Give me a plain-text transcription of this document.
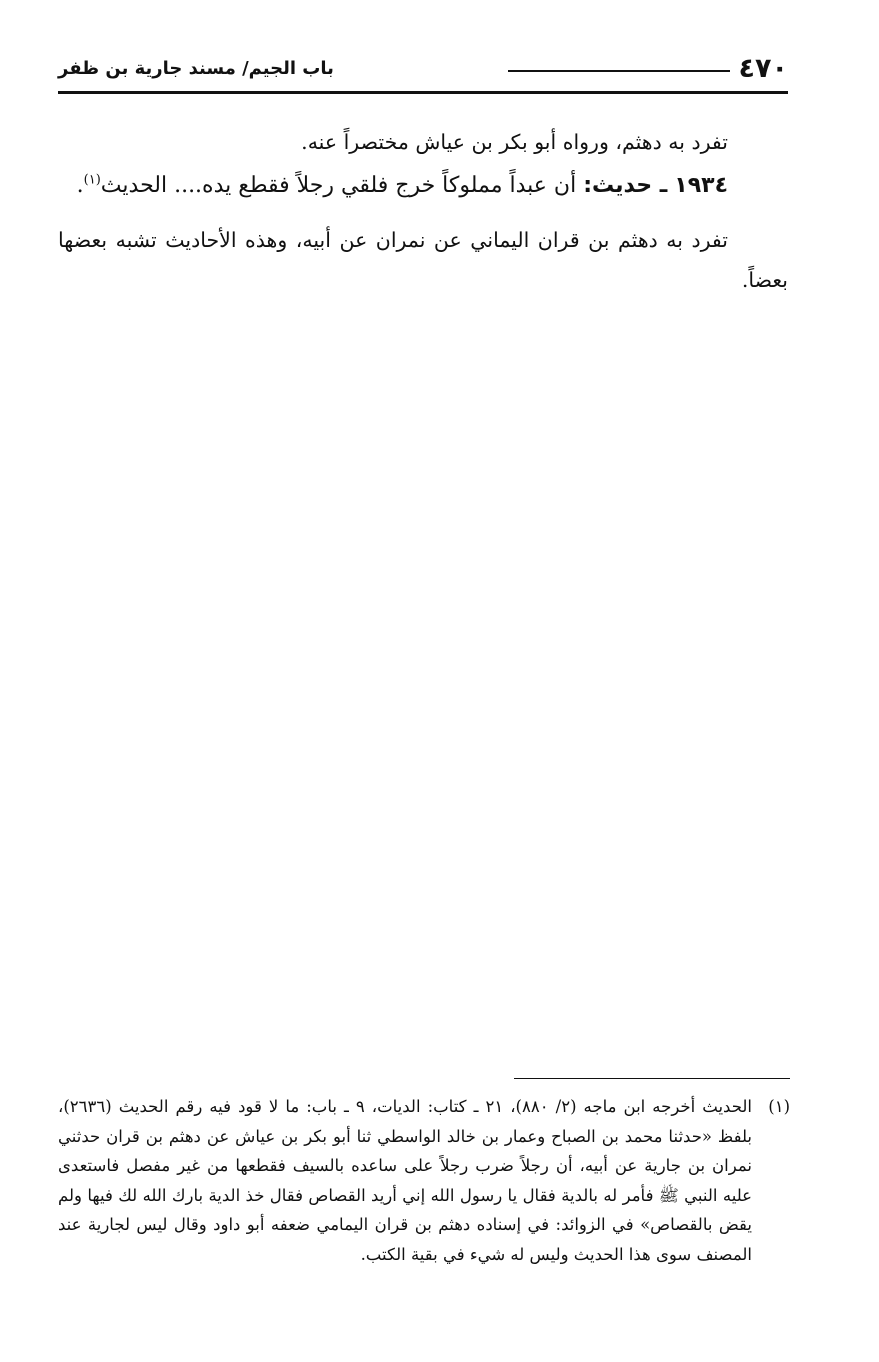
٤٧٠
باب الجيم/ مسند جارية بن ظفر

تفرد به دهثم، ورواه أبو بكر بن عياش مختصراً عنه.

١٩٣٤ ـ حديث: أن عبداً مملوكاً خرج فلقي رجلاً فقطع يده.... الحديث$^{(١)}$.

تفرد به دهثم بن قران اليماني عن نمران عن أبيه، وهذه الأحاديث تشبه بعضها بعضاً.

(١)
الحديث أخرجه ابن ماجه (٢/ ٨٨٠)، ٢١ ـ كتاب: الديات، ٩ ـ باب: ما لا قود فيه رقم الحديث (٢٦٣٦)، بلفظ «حدثنا محمد بن الصباح وعمار بن خالد الواسطي ثنا أبو بكر بن عياش عن دهثم بن قران حدثني نمران بن جارية عن أبيه، أن رجلاً ضرب رجلاً على ساعده بالسيف فقطعها من غير مفصل فاستعدى عليه النبي ﷺ فأمر له بالدية فقال يا رسول الله إني أريد القصاص فقال خذ الدية بارك الله لك فيها ولم يقض بالقصاص» في الزوائد: في إسناده دهثم بن قران اليمامي ضعفه أبو داود وقال ليس لجارية عند المصنف سوى هذا الحديث وليس له شيء في بقية الكتب.
